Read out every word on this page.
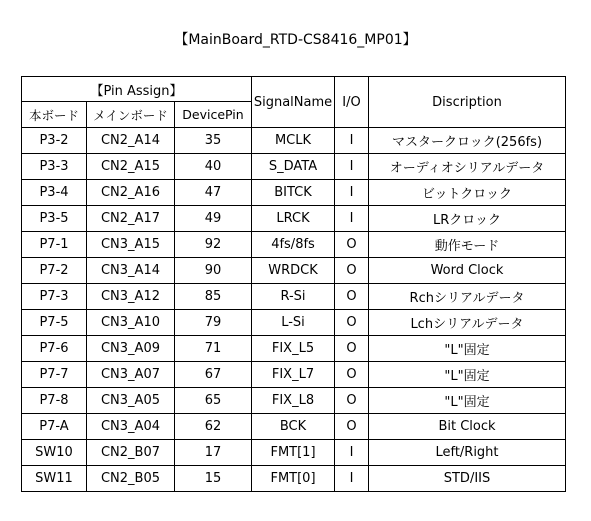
【MainBoard_RTD-CS8416_MP01】
【Pin Assign】			SignalName	I/O	Discription
本ボード	メインボード	DevicePin			
P3-2	CN2_A14	35	MCLK	I	マスタークロック(256fs)
P3-3	CN2_A15	40	S_DATA	I	オーディオシリアルデータ
P3-4	CN2_A16	47	BITCK	I	ビットクロック
P3-5	CN2_A17	49	LRCK	I	LRクロック
P7-1	CN3_A15	92	4fs/8fs	O	動作モード
P7-2	CN3_A14	90	WRDCK	O	Word Clock
P7-3	CN3_A12	85	R-Si	O	Rchシリアルデータ
P7-5	CN3_A10	79	L-Si	O	Lchシリアルデータ
P7-6	CN3_A09	71	FIX_L5	O	"L"固定
P7-7	CN3_A07	67	FIX_L7	O	"L"固定
P7-8	CN3_A05	65	FIX_L8	O	"L"固定
P7-A	CN3_A04	62	BCK	O	Bit Clock
SW10	CN2_B07	17	FMT[1]	I	Left/Right
SW11	CN2_B05	15	FMT[0]	I	STD/IIS
